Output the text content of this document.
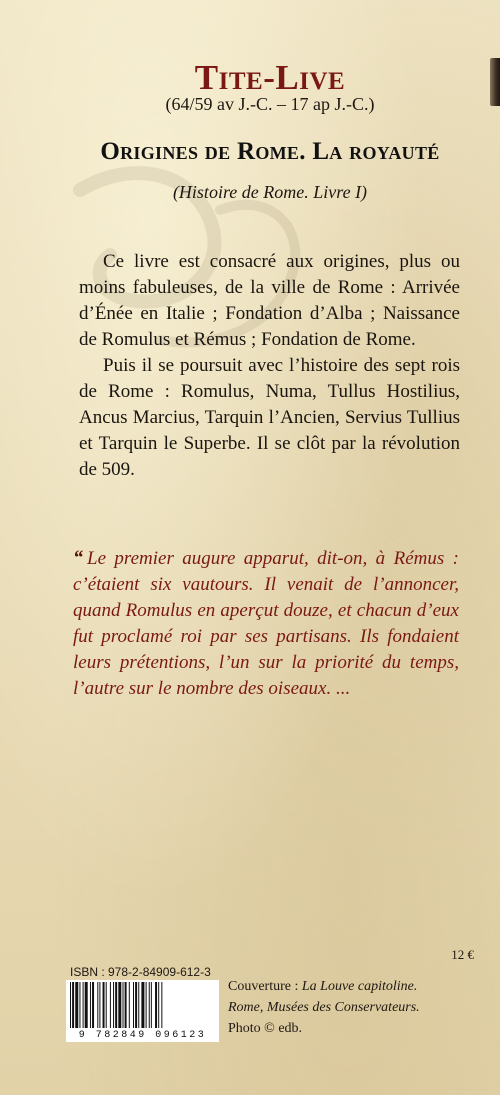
Tite-Live
(64/59 av J.-C. – 17 ap J.-C.)
Origines de Rome. La royauté
(Histoire de Rome. Livre I)

Ce livre est consacré aux origines, plus ou moins fabuleuses, de la ville de Rome : Arrivée d’Énée en Italie ; Fondation d’Alba ; Naissance de Romulus et Rémus ; Fondation de Rome.

Puis il se poursuit avec l’histoire des sept rois de Rome : Romulus, Numa, Tullus Hostilius, Ancus Marcius, Tarquin l’Ancien, Servius Tullius et Tarquin le Superbe. Il se clôt par la révolution de 509.

“ Le premier augure apparut, dit-on, à Rémus : c’étaient six vautours. Il venait de l’annoncer, quand Romulus en aperçut douze, et chacun d’eux fut proclamé roi par ses partisans. Ils fondaient leurs prétentions, l’un sur la priorité du temps, l’autre sur le nombre des oiseaux. ...
12 €
ISBN : 978-2-84909-612-3
9 782849 096123
Couverture : La Louve capitoline.
Rome, Musées des Conservateurs.
Photo © edb.
